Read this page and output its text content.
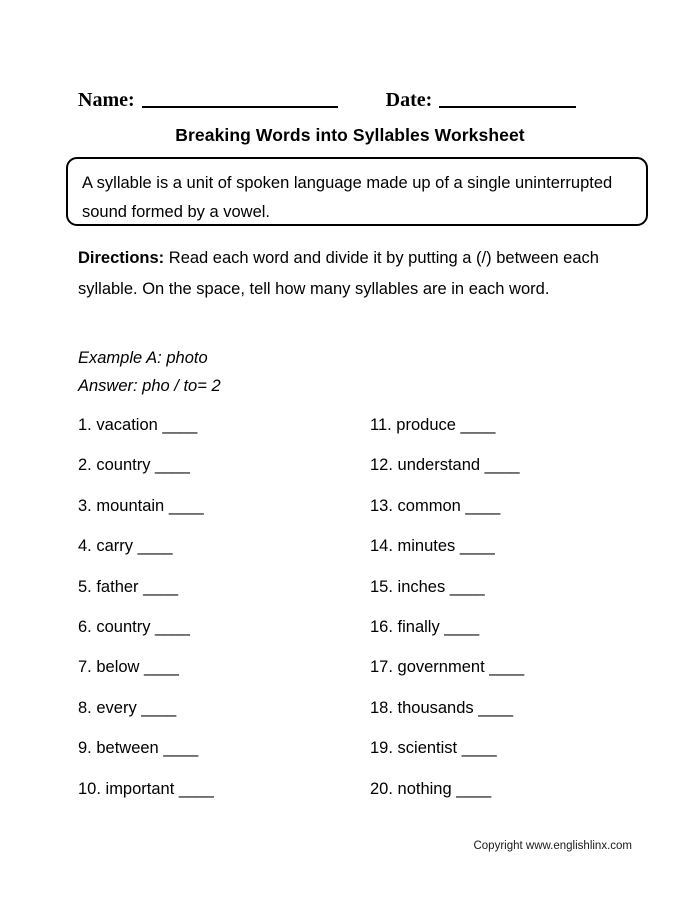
Name:	Date:
Breaking Words into Syllables Worksheet
A syllable is a unit of spoken language made up of a single uninterrupted sound formed by a vowel.
Directions: Read each word and divide it by putting a (/) between each syllable. On the space, tell how many syllables are in each word.
Example A: photo
Answer: pho / to= 2
1. vacation ____
2. country ____
3. mountain ____
4. carry ____
5. father ____
6. country ____
7. below ____
8. every ____
9. between ____
10. important ____
11. produce ____
12. understand ____
13. common ____
14. minutes ____
15. inches ____
16. finally ____
17. government ____
18. thousands ____
19. scientist ____
20. nothing ____
Copyright www.englishlinx.com
